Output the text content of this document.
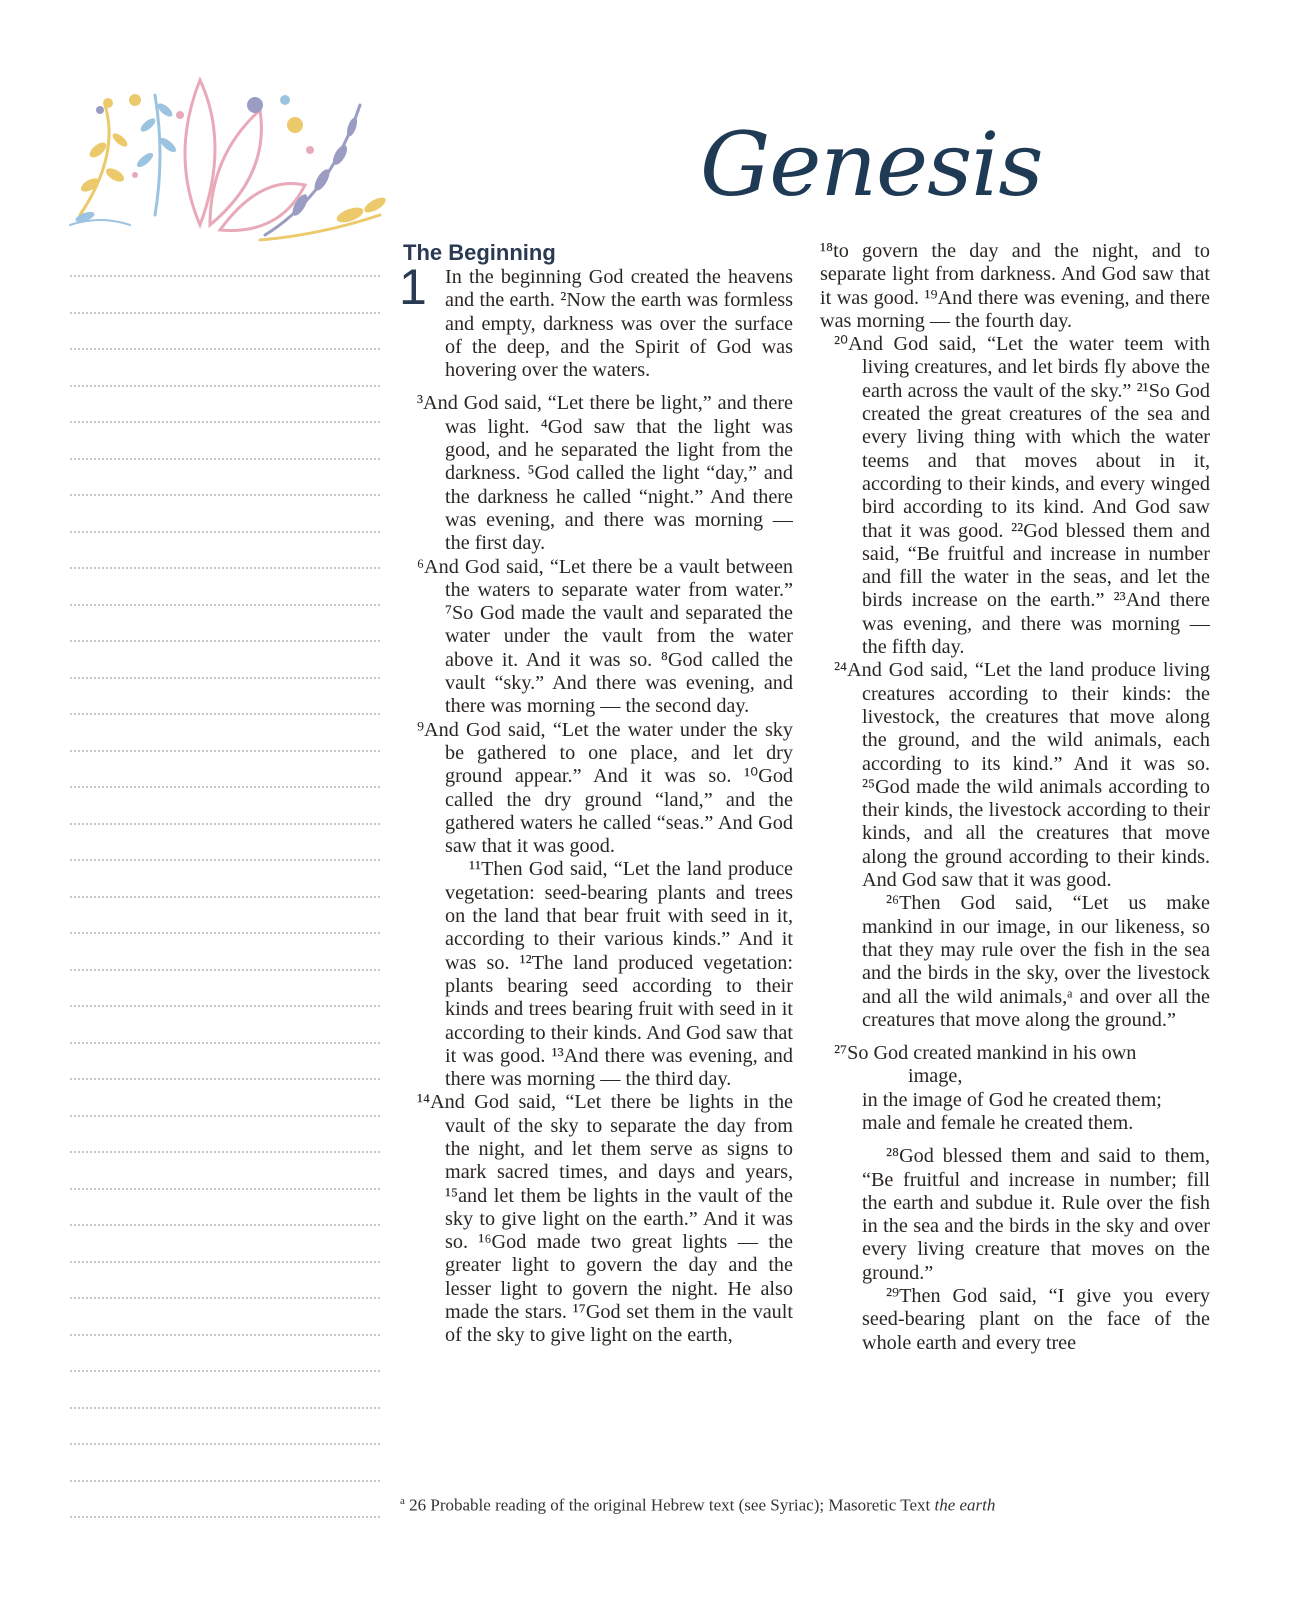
Genesis
The Beginning
1 In the beginning God created the heavens and the earth. ²Now the earth was formless and empty, darkness was over the surface of the deep, and the Spirit of God was hovering over the waters.

³And God said, “Let there be light,” and there was light. ⁴God saw that the light was good, and he separated the light from the darkness. ⁵God called the light “day,” and the darkness he called “night.” And there was evening, and there was morning — the first day.

⁶And God said, “Let there be a vault between the waters to separate water from water.” ⁷So God made the vault and separated the water under the vault from the water above it. And it was so. ⁸God called the vault “sky.” And there was evening, and there was morning — the second day.

⁹And God said, “Let the water under the sky be gathered to one place, and let dry ground appear.” And it was so. ¹⁰God called the dry ground “land,” and the gathered waters he called “seas.” And God saw that it was good.

¹¹Then God said, “Let the land produce vegetation: seed-bearing plants and trees on the land that bear fruit with seed in it, according to their various kinds.” And it was so. ¹²The land produced vegetation: plants bearing seed according to their kinds and trees bearing fruit with seed in it according to their kinds. And God saw that it was good. ¹³And there was evening, and there was morning — the third day.

¹⁴And God said, “Let there be lights in the vault of the sky to separate the day from the night, and let them serve as signs to mark sacred times, and days and years, ¹⁵and let them be lights in the vault of the sky to give light on the earth.” And it was so. ¹⁶God made two great lights — the greater light to govern the day and the lesser light to govern the night. He also made the stars. ¹⁷God set them in the vault of the sky to give light on the earth,

¹⁸to govern the day and the night, and to separate light from darkness. And God saw that it was good. ¹⁹And there was evening, and there was morning — the fourth day.

²⁰And God said, “Let the water teem with living creatures, and let birds fly above the earth across the vault of the sky.” ²¹So God created the great creatures of the sea and every living thing with which the water teems and that moves about in it, according to their kinds, and every winged bird according to its kind. And God saw that it was good. ²²God blessed them and said, “Be fruitful and increase in number and fill the water in the seas, and let the birds increase on the earth.” ²³And there was evening, and there was morning — the fifth day.

²⁴And God said, “Let the land produce living creatures according to their kinds: the livestock, the creatures that move along the ground, and the wild animals, each according to its kind.” And it was so. ²⁵God made the wild animals according to their kinds, the livestock according to their kinds, and all the creatures that move along the ground according to their kinds. And God saw that it was good.

²⁶Then God said, “Let us make mankind in our image, in our likeness, so that they may rule over the fish in the sea and the birds in the sky, over the livestock and all the wild animals,ᵃ and over all the creatures that move along the ground.”

²⁷So God created mankind in his own

image,

in the image of God he created them;

male and female he created them.

²⁸God blessed them and said to them, “Be fruitful and increase in number; fill the earth and subdue it. Rule over the fish in the sea and the birds in the sky and over every living creature that moves on the ground.”

²⁹Then God said, “I give you every seed-bearing plant on the face of the whole earth and every tree

$^a$ 26 Probable reading of the original Hebrew text (see Syriac); Masoretic Text the earth
